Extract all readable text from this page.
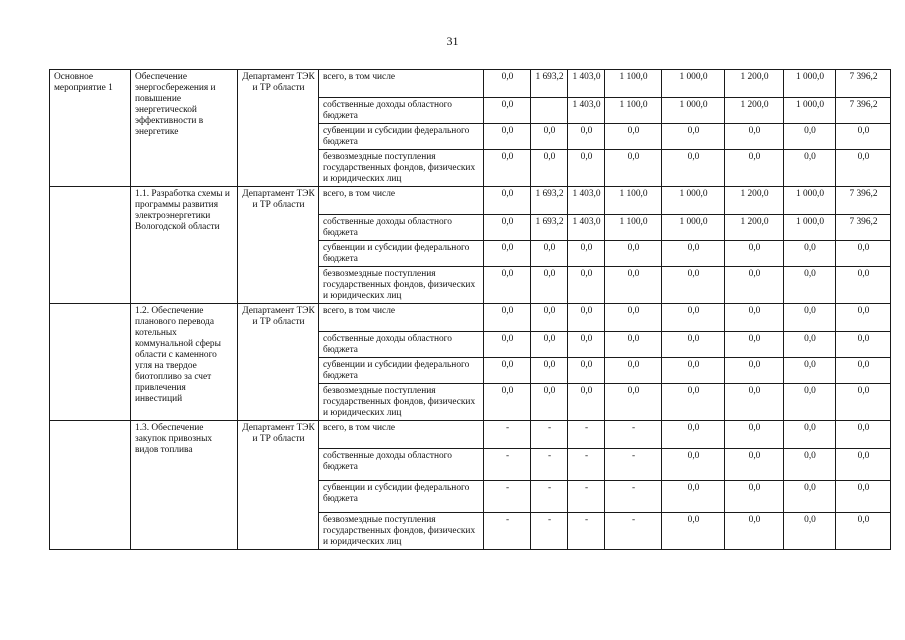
31
Основное мероприятие 1	Обеспечение энергосбережения и повышение энергетической эффективности в энергетике	Департамент ТЭК и ТР области	всего, в том числе	0,0	1 693,2	1 403,0	1 100,0	1 000,0	1 200,0	1 000,0	7 396,2
			собственные доходы областного бюджета	0,0		1 403,0	1 100,0	1 000,0	1 200,0	1 000,0	7 396,2
			субвенции и субсидии федерального бюджета	0,0	0,0	0,0	0,0	0,0	0,0	0,0	0,0
			безвозмездные поступления государственных фондов, физических и юридических лиц	0,0	0,0	0,0	0,0	0,0	0,0	0,0	0,0
	1.1. Разработка схемы и программы развития электроэнергетики Вологодской области	Департамент ТЭК и ТР области	всего, в том числе	0,0	1 693,2	1 403,0	1 100,0	1 000,0	1 200,0	1 000,0	7 396,2
			собственные доходы областного бюджета	0,0	1 693,2	1 403,0	1 100,0	1 000,0	1 200,0	1 000,0	7 396,2
			субвенции и субсидии федерального бюджета	0,0	0,0	0,0	0,0	0,0	0,0	0,0	0,0
			безвозмездные поступления государственных фондов, физических и юридических лиц	0,0	0,0	0,0	0,0	0,0	0,0	0,0	0,0
	1.2. Обеспечение планового перевода котельных коммунальной сферы области с каменного угля на твердое биотопливо за счет привлечения инвестиций	Департамент ТЭК и ТР области	всего, в том числе	0,0	0,0	0,0	0,0	0,0	0,0	0,0	0,0
			собственные доходы областного бюджета	0,0	0,0	0,0	0,0	0,0	0,0	0,0	0,0
			субвенции и субсидии федерального бюджета	0,0	0,0	0,0	0,0	0,0	0,0	0,0	0,0
			безвозмездные поступления государственных фондов, физических и юридических лиц	0,0	0,0	0,0	0,0	0,0	0,0	0,0	0,0
	1.3. Обеспечение закупок привозных видов топлива	Департамент ТЭК и ТР области	всего, в том числе	-	-	-	-	0,0	0,0	0,0	0,0
			собственные доходы областного бюджета	-	-	-	-	0,0	0,0	0,0	0,0
			субвенции и субсидии федерального бюджета	-	-	-	-	0,0	0,0	0,0	0,0
			безвозмездные поступления государственных фондов, физических и юридических лиц	-	-	-	-	0,0	0,0	0,0	0,0
